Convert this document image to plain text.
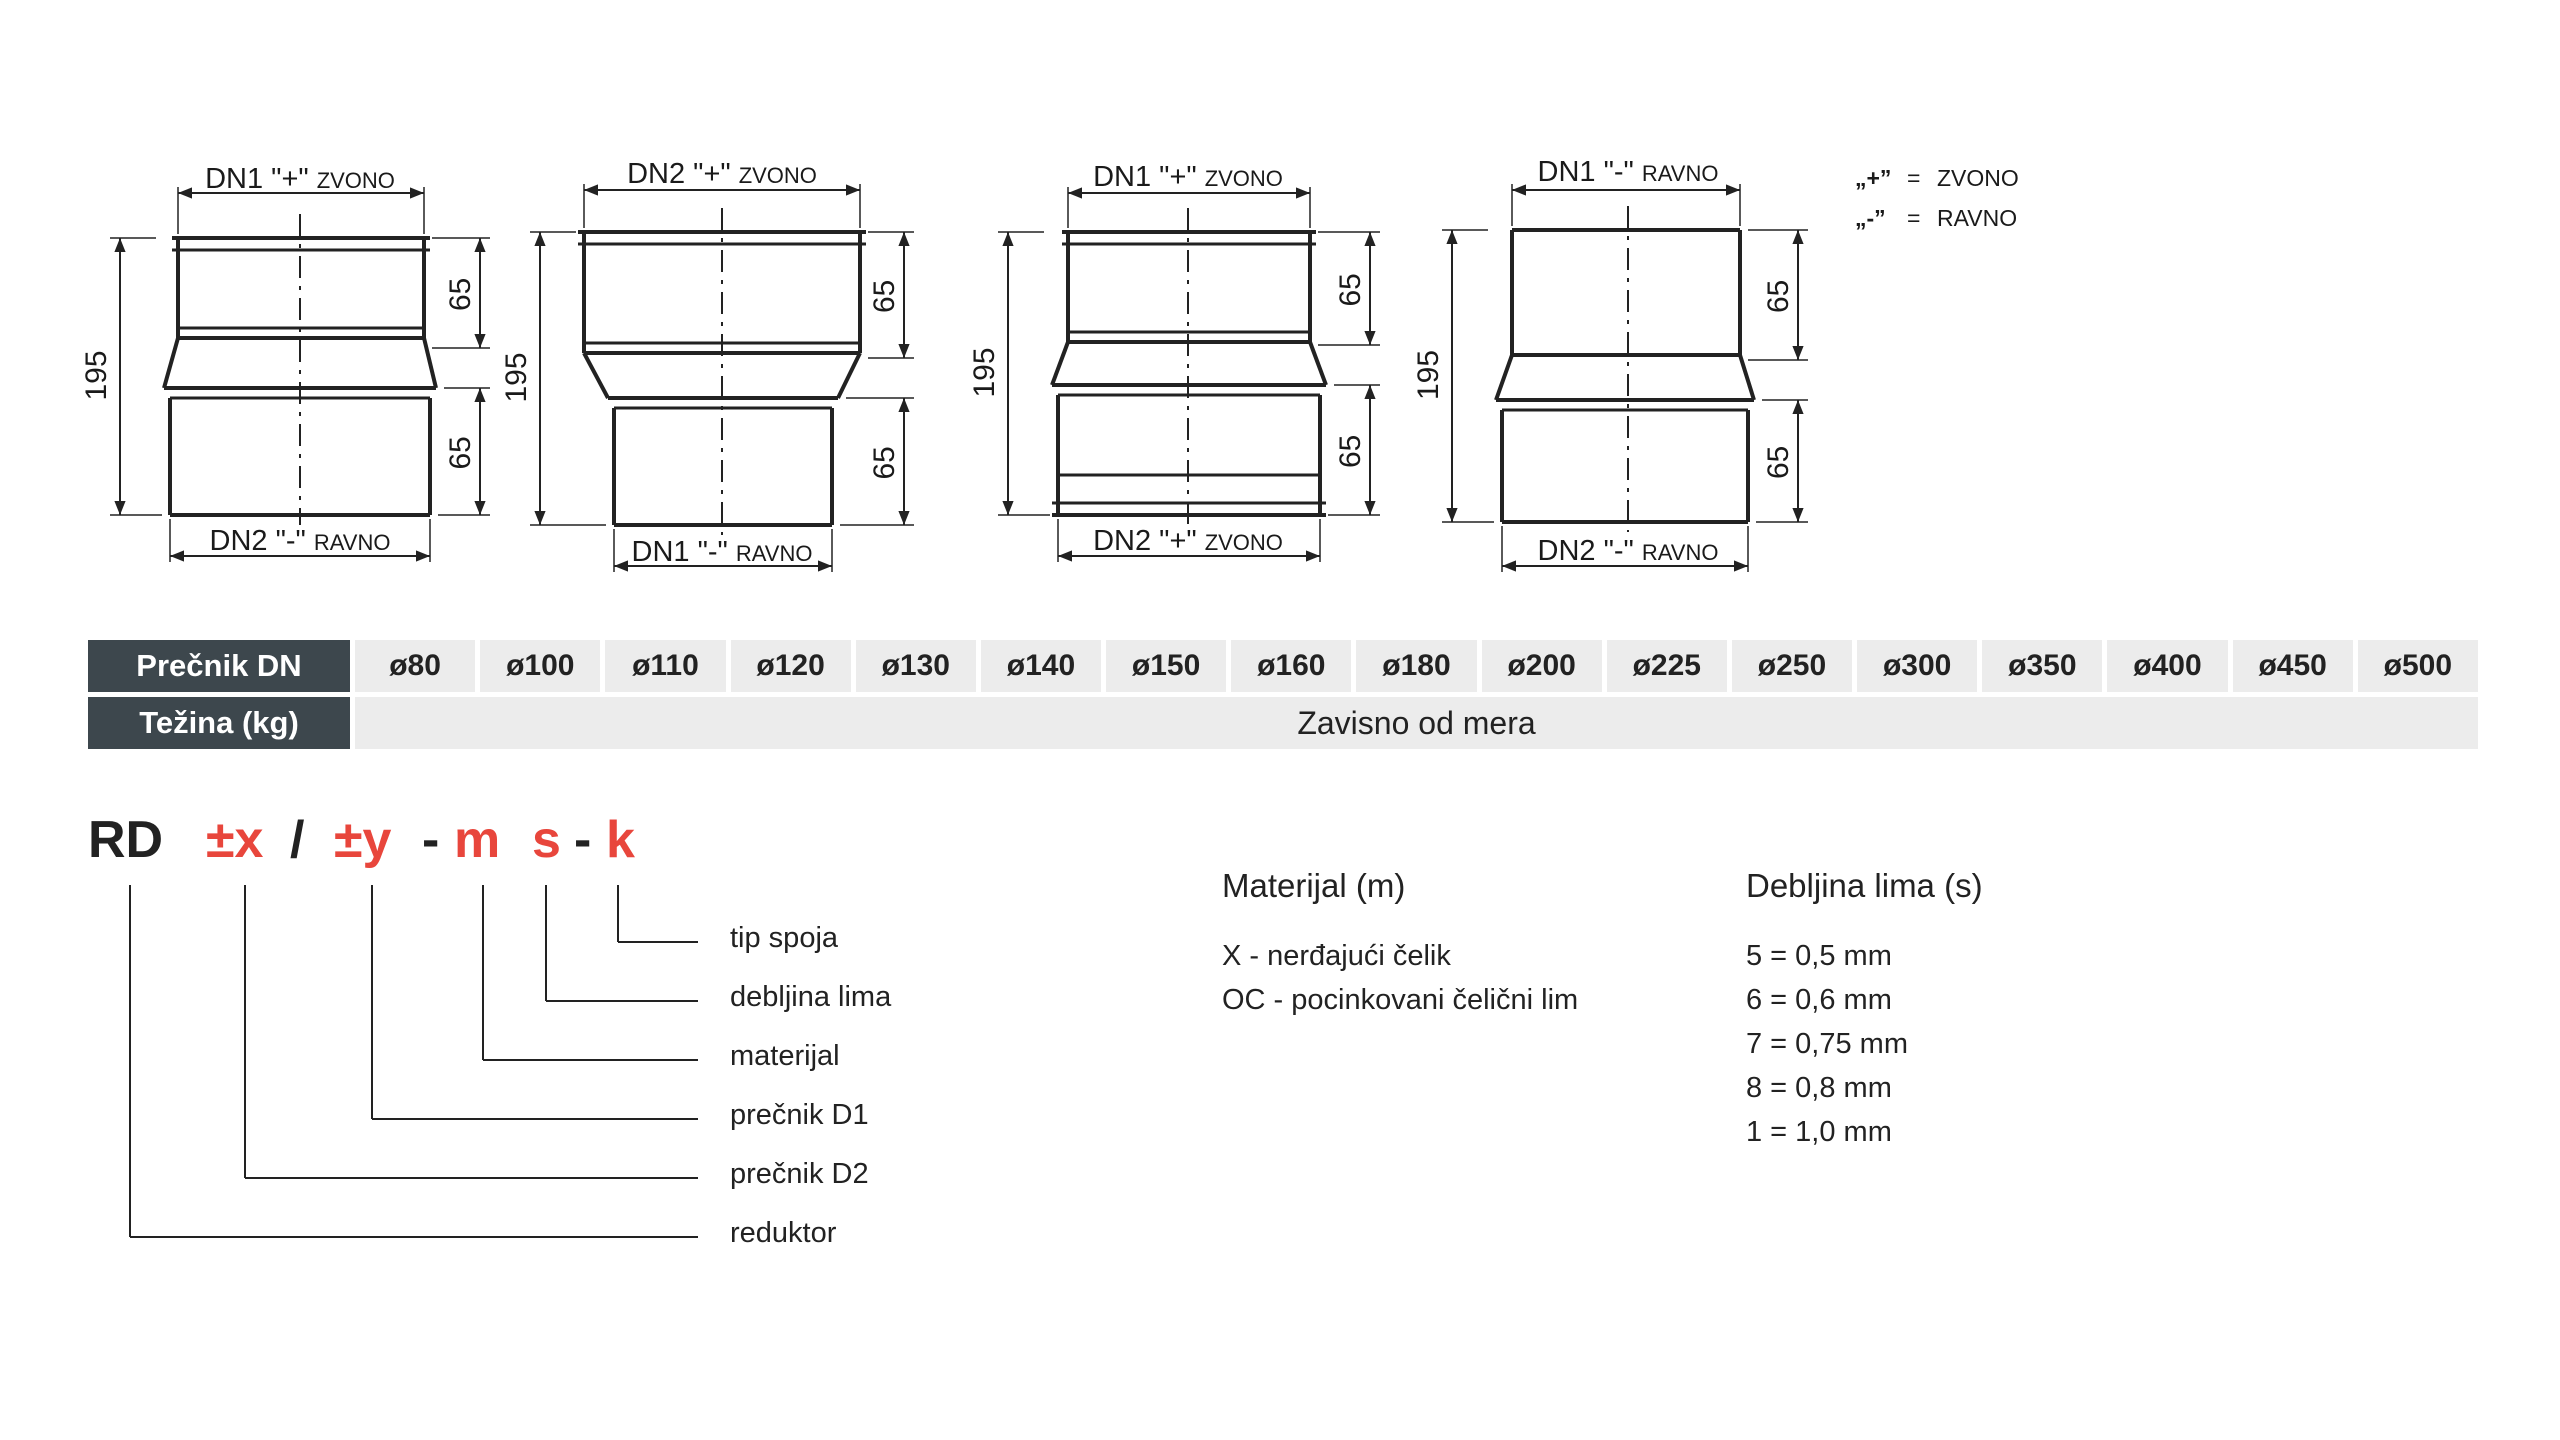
DN1 "+" ZVONO
DN2 "-" RAVNO
195
65
65
DN2 "+" ZVONO
DN1 "-" RAVNO
195
65
65
DN1 "+" ZVONO
DN2 "+" ZVONO
195
65
65
DN1 "-" RAVNO
DN2 "-" RAVNO
195
65
65
„+” = ZVONO
„-” = RAVNO
Prečnik DN	ø80	ø100	ø110	ø120	ø130	ø140	ø150	ø160	ø180	ø200	ø225	ø250	ø300	ø350	ø400	ø450	ø500
Težina (kg)	Zavisno od mera
RD ±x / ±y - m s - k
tip spoja
debljina lima
materijal
prečnik D1
prečnik D2
reduktor
Materijal (m)
X - nerđajući čelik
OC - pocinkovani čelični lim
Debljina lima (s)
5 = 0,5 mm
6 = 0,6 mm
7 = 0,75 mm
8 = 0,8 mm
1 = 1,0 mm
